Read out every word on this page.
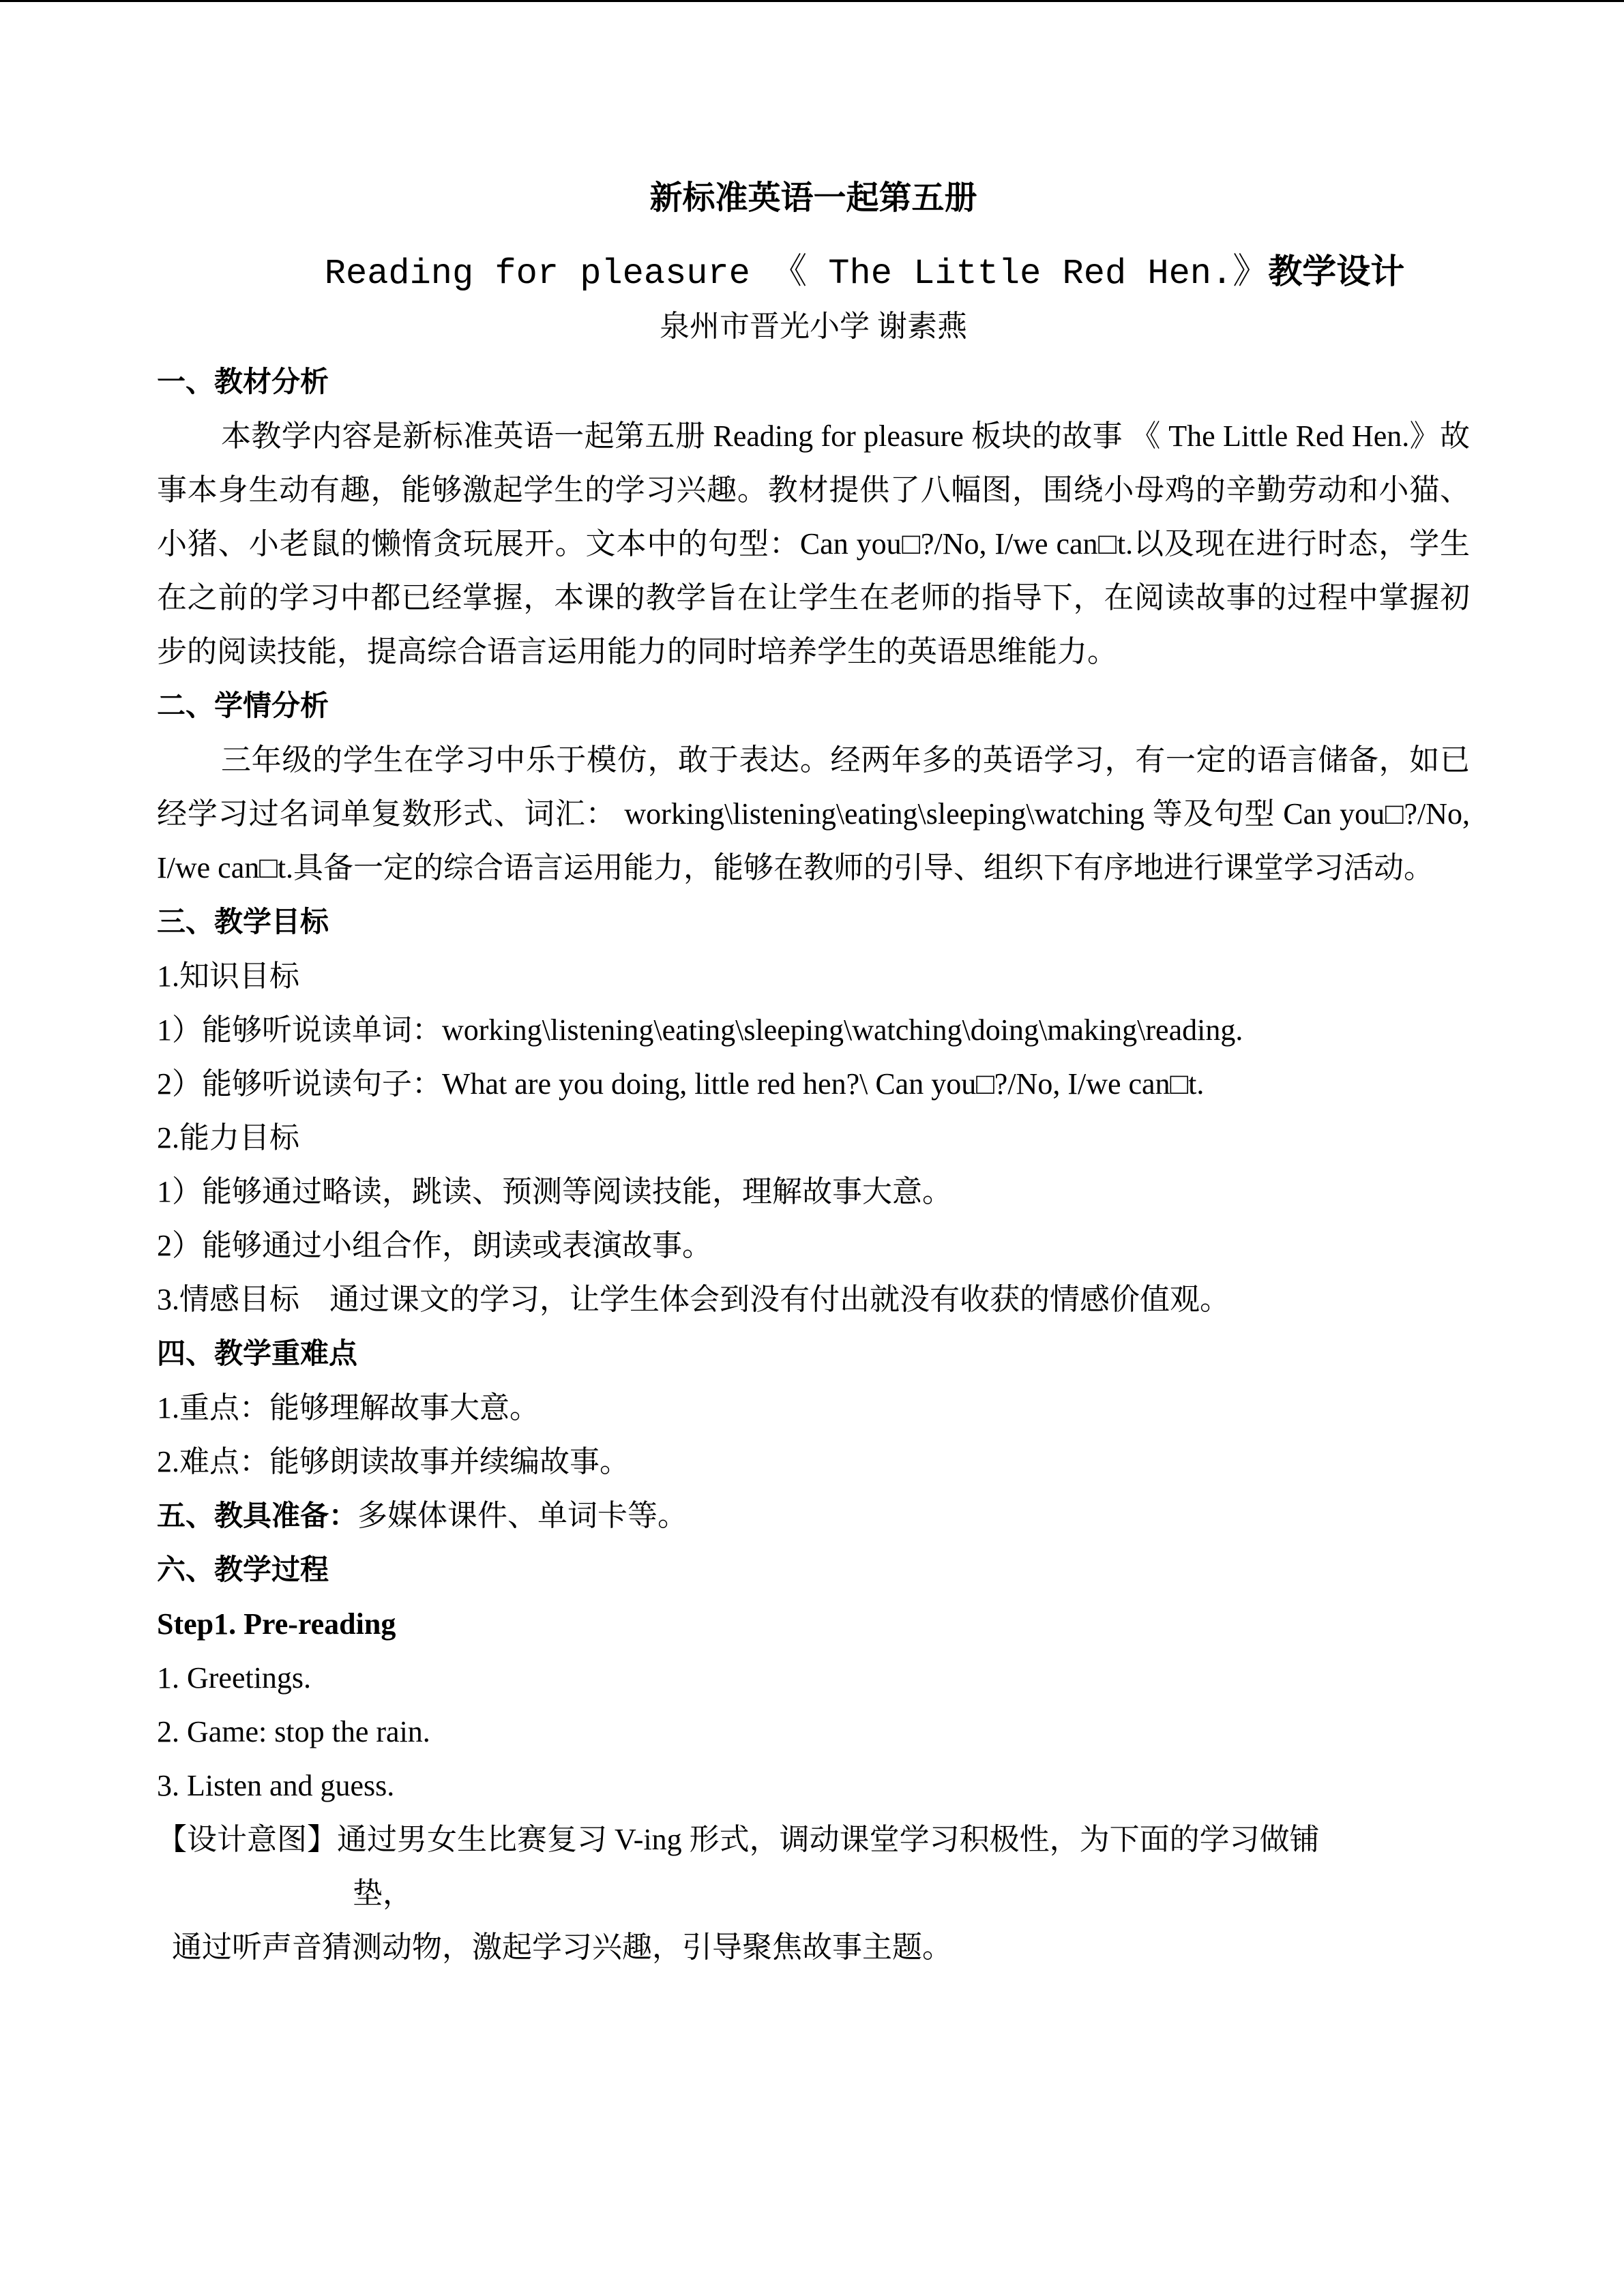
新标准英语一起第五册

Reading for pleasure 《 The Little Red Hen.》教学设计

泉州市晋光小学 谢素燕

一、教材分析

本教学内容是新标准英语一起第五册 Reading for pleasure 板块的故事 《 The Little Red Hen.》故事本身生动有趣，能够激起学生的学习兴趣。教材提供了八幅图，围绕小母鸡的辛勤劳动和小猫、小猪、小老鼠的懒惰贪玩展开。文本中的句型：Can you□?/No, I/we can□t.以及现在进行时态，学生在之前的学习中都已经掌握，本课的教学旨在让学生在老师的指导下，在阅读故事的过程中掌握初步的阅读技能，提高综合语言运用能力的同时培养学生的英语思维能力。

二、学情分析

三年级的学生在学习中乐于模仿，敢于表达。经两年多的英语学习，有一定的语言储备，如已经学习过名词单复数形式、词汇： working\listening\eating\sleeping\watching 等及句型 Can you□?/No, I/we can□t.具备一定的综合语言运用能力，能够在教师的引导、组织下有序地进行课堂学习活动。

三、教学目标

1.知识目标

1）能够听说读单词：working\listening\eating\sleeping\watching\doing\making\reading.

2）能够听说读句子：What are you doing, little red hen?\ Can you□?/No, I/we can□t.

2.能力目标

1）能够通过略读，跳读、预测等阅读技能，理解故事大意。

2）能够通过小组合作，朗读或表演故事。

3.情感目标　通过课文的学习，让学生体会到没有付出就没有收获的情感价值观。

四、教学重难点

1.重点：能够理解故事大意。

2.难点：能够朗读故事并续编故事。

五、教具准备：多媒体课件、单词卡等。

六、教学过程

Step1. Pre-reading

1. Greetings.

2. Game: stop the rain.

3. Listen and guess.

【设计意图】通过男女生比赛复习 V-ing 形式，调动课堂学习积极性，为下面的学习做铺

垫，

通过听声音猜测动物，激起学习兴趣，引导聚焦故事主题。
